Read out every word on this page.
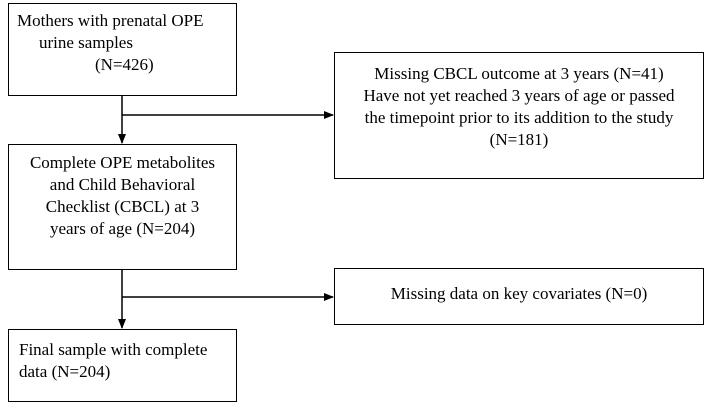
Mothers with prenatal OPE
urine samples
(N=426)	Missing CBCL outcome at 3 years (N=41)
Have not yet reached 3 years of age or passed
the timepoint prior to its addition to the study
(N=181)
Complete OPE metabolites
and Child Behavioral
Checklist (CBCL) at 3
years of age (N=204)
Missing data on key covariates (N=0)
Final sample with complete
data (N=204)
